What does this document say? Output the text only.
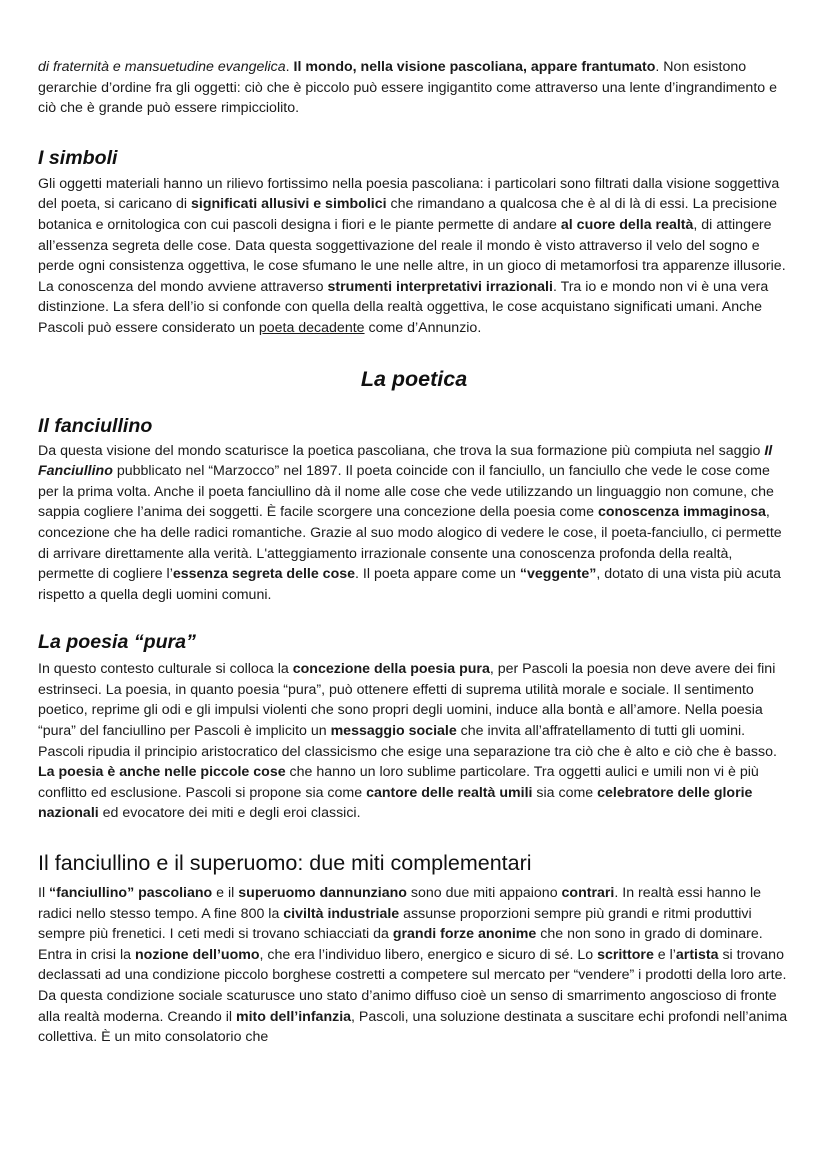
di fraternità e mansuetudine evangelica. Il mondo, nella visione pascoliana, appare frantumato. Non esistono gerarchie d’ordine fra gli oggetti: ciò che è piccolo può essere ingigantito come attraverso una lente d’ingrandimento e ciò che è grande può essere rimpicciolito.

I simboli

Gli oggetti materiali hanno un rilievo fortissimo nella poesia pascoliana: i particolari sono filtrati dalla visione soggettiva del poeta, si caricano di significati allusivi e simbolici che rimandano a qualcosa che è al di là di essi. La precisione botanica e ornitologica con cui pascoli designa i fiori e le piante permette di andare al cuore della realtà, di attingere all’essenza segreta delle cose. Data questa soggettivazione del reale il mondo è visto attraverso il velo del sogno e perde ogni consistenza oggettiva, le cose sfumano le une nelle altre, in un gioco di metamorfosi tra apparenze illusorie. La conoscenza del mondo avviene attraverso strumenti interpretativi irrazionali. Tra io e mondo non vi è una vera distinzione. La sfera dell’io si confonde con quella della realtà oggettiva, le cose acquistano significati umani. Anche Pascoli può essere considerato un poeta decadente come d’Annunzio.

La poetica
Il fanciullino

Da questa visione del mondo scaturisce la poetica pascoliana, che trova la sua formazione più compiuta nel saggio Il Fanciullino pubblicato nel “Marzocco” nel 1897. Il poeta coincide con il fanciullo, un fanciullo che vede le cose come per la prima volta. Anche il poeta fanciullino dà il nome alle cose che vede utilizzando un linguaggio non comune, che sappia cogliere l’anima dei soggetti. È facile scorgere una concezione della poesia come conoscenza immaginosa, concezione che ha delle radici romantiche. Grazie al suo modo alogico di vedere le cose, il poeta-fanciullo, ci permette di arrivare direttamente alla verità. L'atteggiamento irrazionale consente una conoscenza profonda della realtà, permette di cogliere l’essenza segreta delle cose. Il poeta appare come un “veggente”, dotato di una vista più acuta rispetto a quella degli uomini comuni.

La poesia “pura”

In questo contesto culturale si colloca la concezione della poesia pura, per Pascoli la poesia non deve avere dei fini estrinseci. La poesia, in quanto poesia “pura”, può ottenere effetti di suprema utilità morale e sociale. Il sentimento poetico, reprime gli odi e gli impulsi violenti che sono propri degli uomini, induce alla bontà e all’amore. Nella poesia “pura” del fanciullino per Pascoli è implicito un messaggio sociale che invita all’affratellamento di tutti gli uomini. Pascoli ripudia il principio aristocratico del classicismo che esige una separazione tra ciò che è alto e ciò che è basso. La poesia è anche nelle piccole cose che hanno un loro sublime particolare. Tra oggetti aulici e umili non vi è più conflitto ed esclusione. Pascoli si propone sia come cantore delle realtà umili sia come celebratore delle glorie nazionali ed evocatore dei miti e degli eroi classici.

Il fanciullino e il superuomo: due miti complementari

Il “fanciullino” pascoliano e il superuomo dannunziano sono due miti appaiono contrari. In realtà essi hanno le radici nello stesso tempo. A fine 800 la civiltà industriale assunse proporzioni sempre più grandi e ritmi produttivi sempre più frenetici. I ceti medi si trovano schiacciati da grandi forze anonime che non sono in grado di dominare. Entra in crisi la nozione dell’uomo, che era l’individuo libero, energico e sicuro di sé. Lo scrittore e l’artista si trovano declassati ad una condizione piccolo borghese costretti a competere sul mercato per “vendere” i prodotti della loro arte. Da questa condizione sociale scaturusce uno stato d’animo diffuso cioè un senso di smarrimento angoscioso di fronte alla realtà moderna. Creando il mito dell’infanzia, Pascoli, una soluzione destinata a suscitare echi profondi nell’anima collettiva. È un mito consolatorio che
